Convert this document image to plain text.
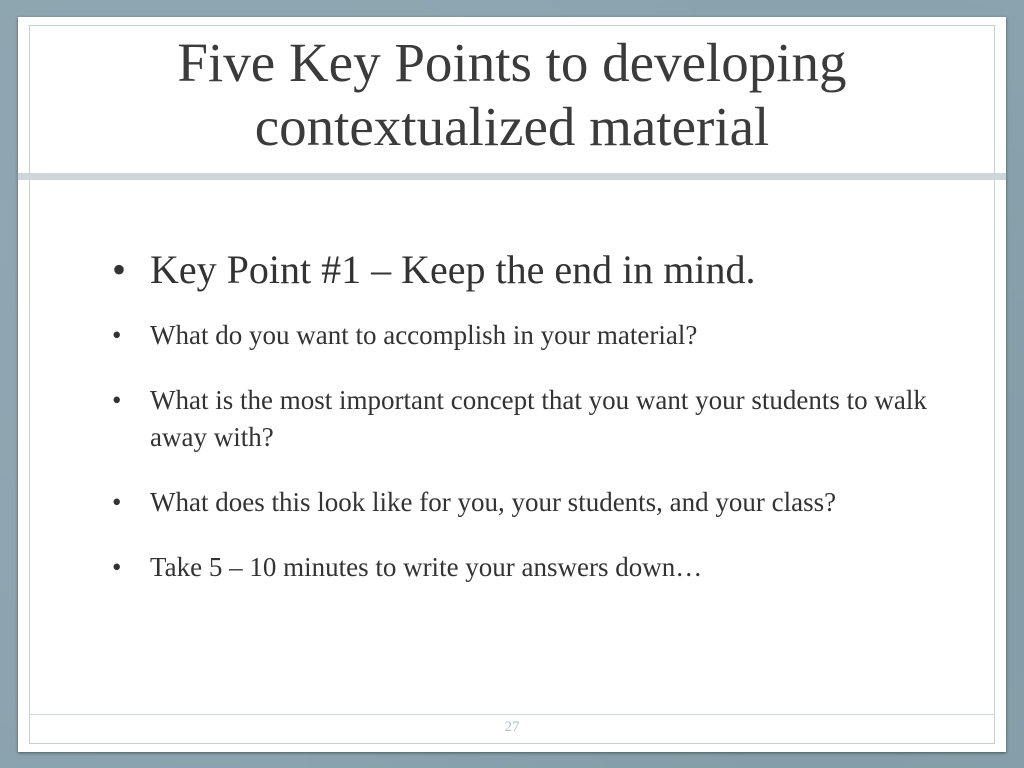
Five Key Points to developing contextualized material
• Key Point #1 – Keep the end in mind.
• What do you want to accomplish in your material?
• What is the most important concept that you want your students to walk away with?
• What does this look like for you, your students, and your class?
• Take 5 – 10 minutes to write your answers down…
27
